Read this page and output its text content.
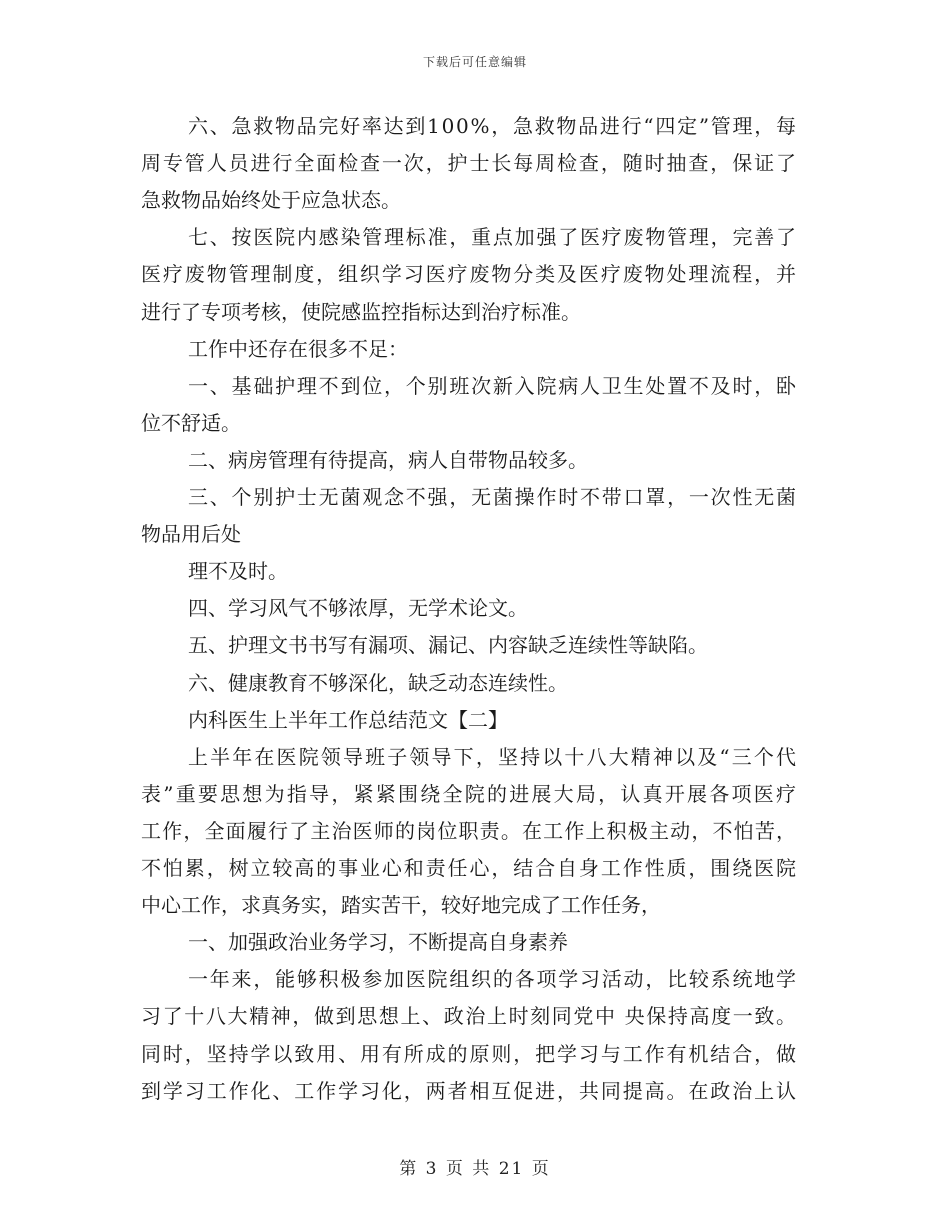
下载后可任意编辑
六、急救物品完好率达到100%，急救物品进行“四定”管理，每
周专管人员进行全面检查一次，护士长每周检查，随时抽查，保证了
急救物品始终处于应急状态。
七、按医院内感染管理标准，重点加强了医疗废物管理，完善了
医疗废物管理制度，组织学习医疗废物分类及医疗废物处理流程，并
进行了专项考核，使院感监控指标达到治疗标准。
工作中还存在很多不足：
一、基础护理不到位，个别班次新入院病人卫生处置不及时，卧
位不舒适。
二、病房管理有待提高，病人自带物品较多。
三、个别护士无菌观念不强，无菌操作时不带口罩，一次性无菌
物品用后处
理不及时。
四、学习风气不够浓厚，无学术论文。
五、护理文书书写有漏项、漏记、内容缺乏连续性等缺陷。
六、健康教育不够深化，缺乏动态连续性。
内科医生上半年工作总结范文【二】
上半年在医院领导班子领导下，坚持以十八大精神以及“三个代
表”重要思想为指导，紧紧围绕全院的进展大局，认真开展各项医疗
工作，全面履行了主治医师的岗位职责。在工作上积极主动，不怕苦，
不怕累，树立较高的事业心和责任心，结合自身工作性质，围绕医院
中心工作，求真务实，踏实苦干，较好地完成了工作任务，
一、加强政治业务学习，不断提高自身素养
一年来，能够积极参加医院组织的各项学习活动，比较系统地学
习了十八大精神，做到思想上、政治上时刻同党中 央保持高度一致。
同时，坚持学以致用、用有所成的原则，把学习与工作有机结合，做
到学习工作化、工作学习化，两者相互促进，共同提高。在政治上认
第 3 页 共 21 页
